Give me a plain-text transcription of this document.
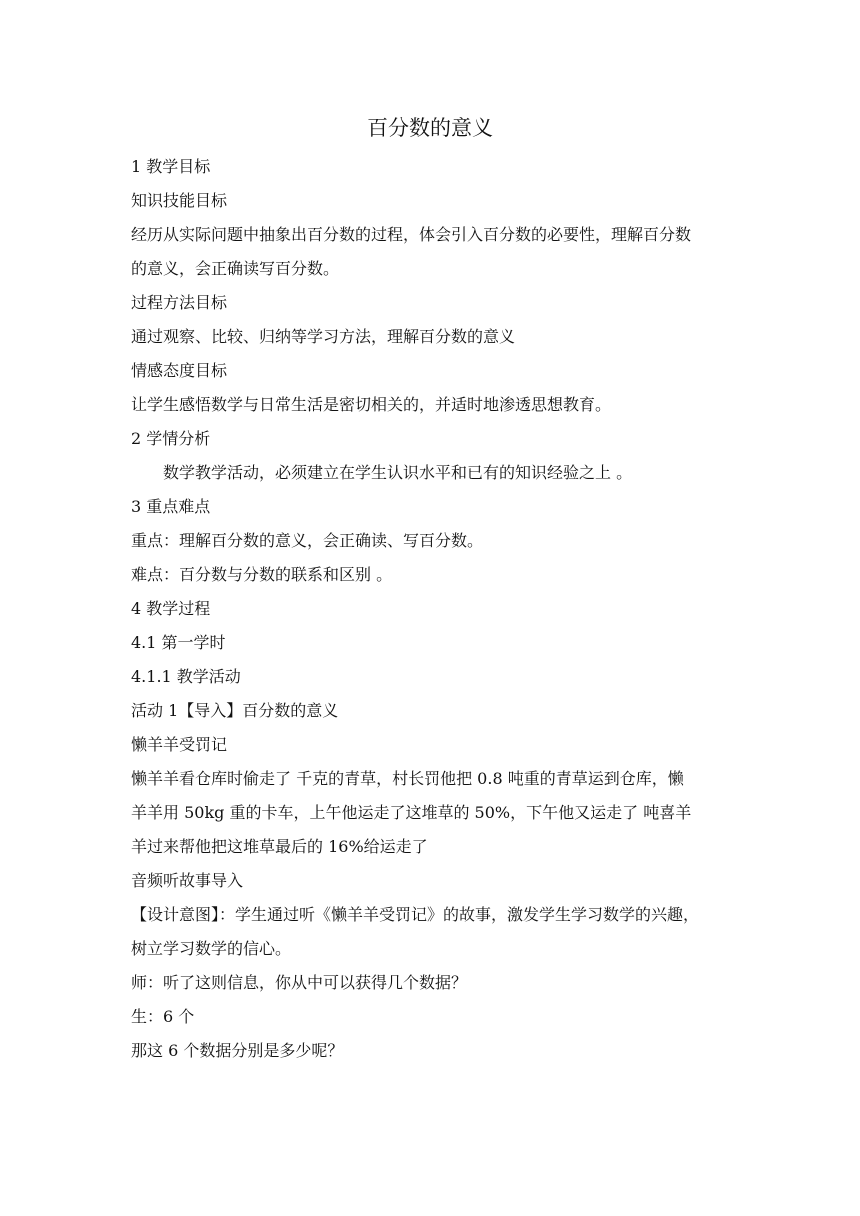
百分数的意义
1 教学目标
知识技能目标
经历从实际问题中抽象出百分数的过程，体会引入百分数的必要性，理解百分数
的意义，会正确读写百分数。
过程方法目标
通过观察、比较、归纳等学习方法，理解百分数的意义
情感态度目标
让学生感悟数学与日常生活是密切相关的，并适时地渗透思想教育。
2 学情分析
数学教学活动，必须建立在学生认识水平和已有的知识经验之上 。
3 重点难点
重点：理解百分数的意义，会正确读、写百分数。
难点：百分数与分数的联系和区别 。
4 教学过程
4.1 第一学时
4.1.1 教学活动
活动 1【导入】百分数的意义
懒羊羊受罚记
懒羊羊看仓库时偷走了 千克的青草，村长罚他把 0.8 吨重的青草运到仓库，懒
羊羊用 50kg 重的卡车，上午他运走了这堆草的 50%，下午他又运走了 吨喜羊
羊过来帮他把这堆草最后的 16%给运走了
音频听故事导入
【设计意图】：学生通过听《懒羊羊受罚记》的故事，激发学生学习数学的兴趣，
树立学习数学的信心。
师：听了这则信息，你从中可以获得几个数据？
生：6 个
那这 6 个数据分别是多少呢？
